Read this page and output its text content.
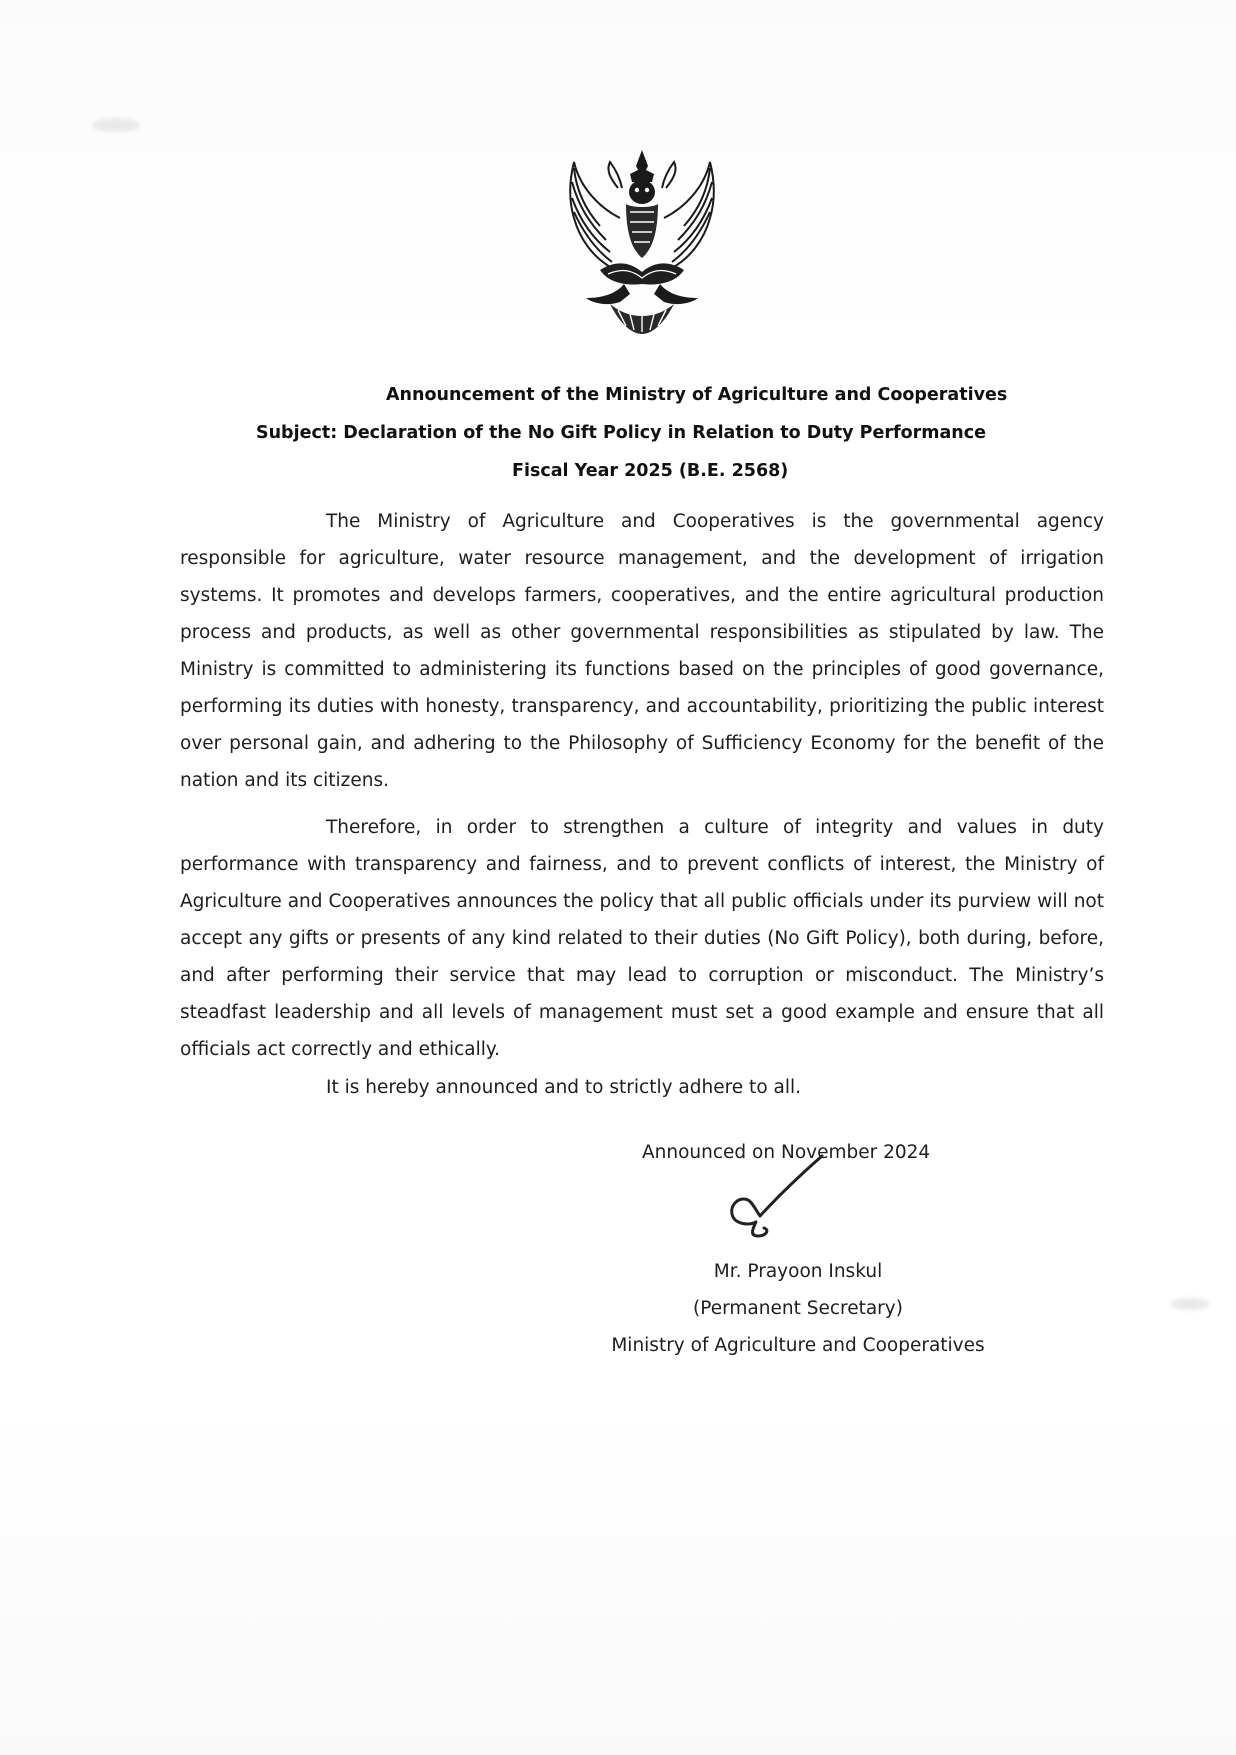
Announcement of the Ministry of Agriculture and Cooperatives
Subject: Declaration of the No Gift Policy in Relation to Duty Performance
Fiscal Year 2025 (B.E. 2568)

The Ministry of Agriculture and Cooperatives is the governmental agency responsible for agriculture, water resource management, and the development of irrigation systems. It promotes and develops farmers, cooperatives, and the entire agricultural production process and products, as well as other governmental responsibilities as stipulated by law. The Ministry is committed to administering its functions based on the principles of good governance, performing its duties with honesty, transparency, and accountability, prioritizing the public interest over personal gain, and adhering to the Philosophy of Sufficiency Economy for the benefit of the nation and its citizens.

Therefore, in order to strengthen a culture of integrity and values in duty performance with transparency and fairness, and to prevent conflicts of interest, the Ministry of Agriculture and Cooperatives announces the policy that all public officials under its purview will not accept any gifts or presents of any kind related to their duties (No Gift Policy), both during, before, and after performing their service that may lead to corruption or misconduct. The Ministry’s steadfast leadership and all levels of management must set a good example and ensure that all officials act correctly and ethically.

It is hereby announced and to strictly adhere to all.
Announced on November 2024
Mr. Prayoon Inskul
(Permanent Secretary)
Ministry of Agriculture and Cooperatives
